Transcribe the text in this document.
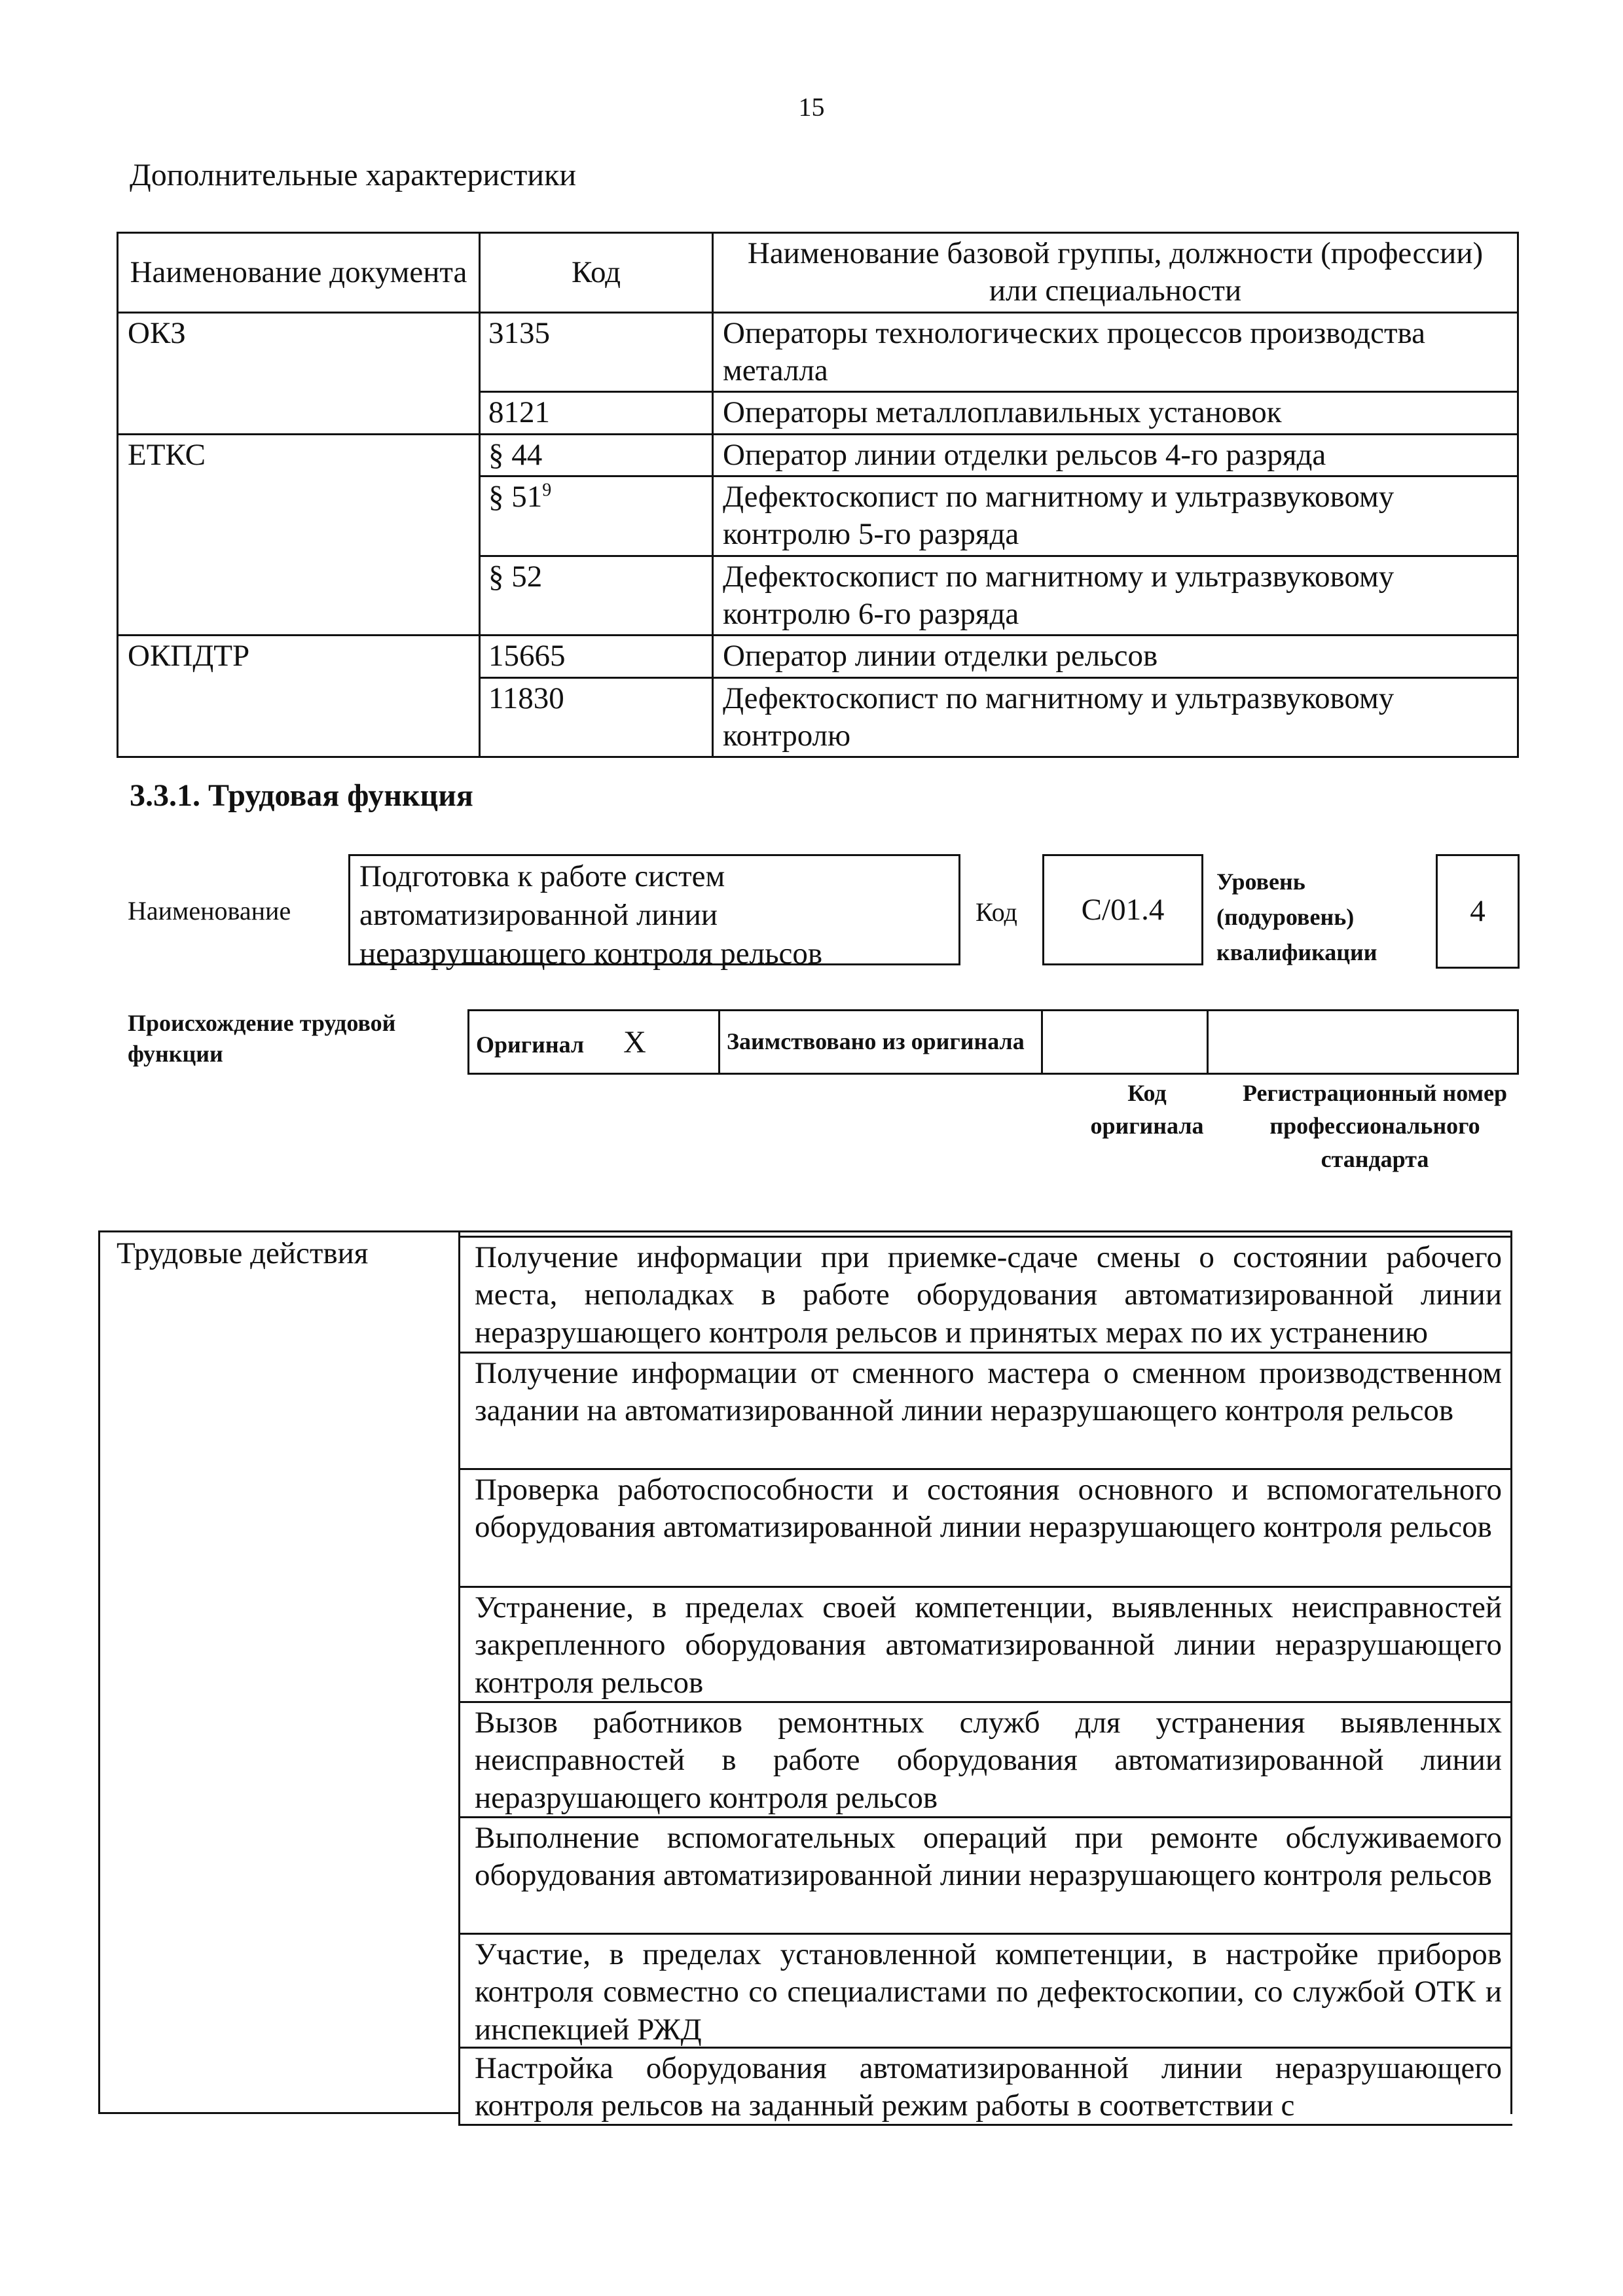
15
Дополнительные характеристики
Наименование документа	Код	Наименование базовой группы, должности (профессии) или специальности
ОКЗ	3135	Операторы технологических процессов производства металла
	8121	Операторы металлоплавильных установок
ЕТКС	§ 44	Оператор линии отделки рельсов 4-го разряда
	§ $51^9$	Дефектоскопист по магнитному и ультразвуковому контролю 5-го разряда
	§ 52	Дефектоскопист по магнитному и ультразвуковому контролю 6-го разряда
ОКПДТР	15665	Оператор линии отделки рельсов
	11830	Дефектоскопист по магнитному и ультразвуковому контролю
3.3.1. Трудовая функция
Наименование
Подготовка к работе систем автоматизированной линии неразрушающего контроля рельсов
Код	С/01.4
Уровень (подуровень) квалификации
4
Происхождение трудовой функции	Оригинал X	Заимствовано из оригинала		
Код оригинала
Регистрационный номер профессионального стандарта
Трудовые действия	Получение информации при приемке-сдаче смены о состоянии рабочего места, неполадках в работе оборудования автоматизированной линии неразрушающего контроля рельсов и принятых мерах по их устранению
Получение информации от сменного мастера о сменном производственном задании на автоматизированной линии неразрушающего контроля рельсов
Проверка работоспособности и состояния основного и вспомогательного оборудования автоматизированной линии неразрушающего контроля рельсов
Устранение, в пределах своей компетенции, выявленных неисправностей закрепленного оборудования автоматизированной линии неразрушающего контроля рельсов
Вызов работников ремонтных служб для устранения выявленных неисправностей в работе оборудования автоматизированной линии неразрушающего контроля рельсов
Выполнение вспомогательных операций при ремонте обслуживаемого оборудования автоматизированной линии неразрушающего контроля рельсов
Участие, в пределах установленной компетенции, в настройке приборов контроля совместно со специалистами по дефектоскопии, со службой ОТК и инспекцией РЖД
Настройка оборудования автоматизированной линии неразрушающего контроля рельсов на заданный режим работы в соответствии с
